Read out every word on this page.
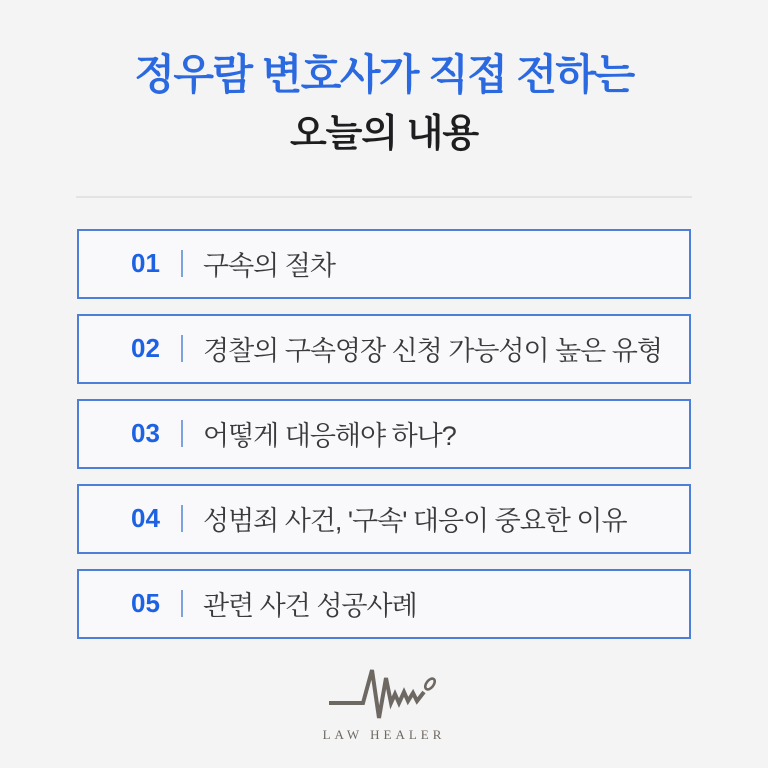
정우람 변호사가 직접 전하는
오늘의 내용
01 구속의 절차
02 경찰의 구속영장 신청 가능성이 높은 유형
03 어떻게 대응해야 하나?
04 성범죄 사건, '구속' 대응이 중요한 이유
05 관련 사건 성공사례
LAW HEALER
